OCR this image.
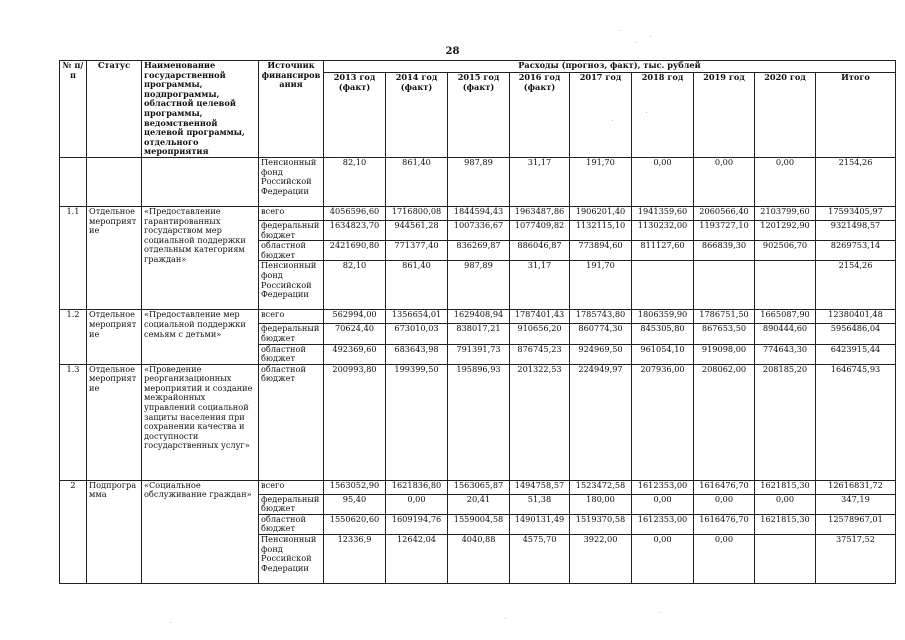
28
№ п/п	Статус	Наименование государственной программы, подпрограммы, областной целевой программы, ведомственной целевой программы, отдельного мероприятия	Источник финансирования	Расходы (прогноз, факт), тыс. рублей								
				2013 год (факт)	2014 год (факт)	2015 год (факт)	2016 год (факт)	2017 год	2018 год	2019 год	2020 год	Итого
			Пенсионный фонд Российской Федерации	82,10	861,40	987,89	31,17	191,70	0,00	0,00	0,00	2154,26
1.1	Отдельное мероприятие	«Предоставление гарантированных государством мер социальной поддержки отдельным категориям граждан»	всего	4056596,60	1716800,08	1844594,43	1963487,86	1906201,40	1941359,60	2060566,40	2103799,60	17593405,97
			федеральный бюджет	1634823,70	944561,28	1007336,67	1077409,82	1132115,10	1130232,00	1193727,10	1201292,90	9321498,57
			областной бюджет	2421690,80	771377,40	836269,87	886046,87	773894,60	811127,60	866839,30	902506,70	8269753,14
			Пенсионный фонд Российской Федерации	82,10	861,40	987,89	31,17	191,70				2154,26
1.2	Отдельное мероприятие	«Предоставление мер социальной поддержки семьям с детьми»	всего	562994,00	1356654,01	1629408,94	1787401,43	1785743,80	1806359,90	1786751,50	1665087,90	12380401,48
			федеральный бюджет	70624,40	673010,03	838017,21	910656,20	860774,30	845305,80	867653,50	890444,60	5956486,04
			областной бюджет	492369,60	683643,98	791391,73	876745,23	924969,50	961054,10	919098,00	774643,30	6423915,44
1.3	Отдельное мероприятие	«Проведение реорганизационных мероприятий и создание межрайонных управлений социальной защиты населения при сохранении качества и доступности государственных услуг»	областной бюджет	200993,80	199399,50	195896,93	201322,53	224949,97	207936,00	208062,00	208185,20	1646745,93
2	Подпрограмма	«Социальное обслуживание граждан»	всего	1563052,90	1621836,80	1563065,87	1494758,57	1523472,58	1612353,00	1616476,70	1621815,30	12616831,72
			федеральный бюджет	95,40	0,00	20,41	51,38	180,00	0,00	0,00	0,00	347,19
			областной бюджет	1550620,60	1609194,76	1559004,58	1490131,49	1519370,58	1612353,00	1616476,70	1621815,30	12578967,01
			Пенсионный фонд Российской Федерации	12336,9	12642,04	4040,88	4575,70	3922,00	0,00	0,00		37517,52
